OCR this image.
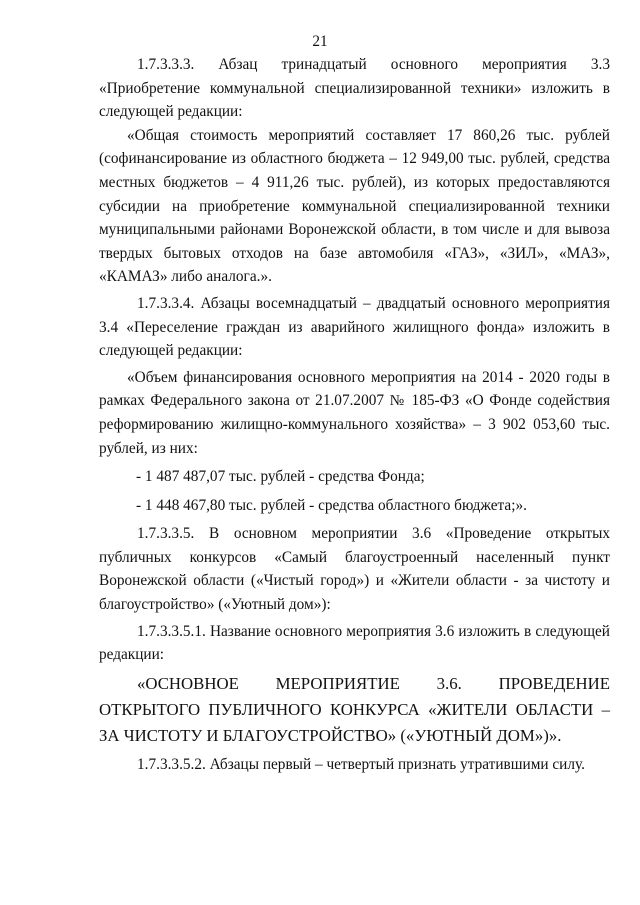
21

1.7.3.3.3. Абзац тринадцатый основного мероприятия 3.3 «Приобретение коммунальной специализированной техники» изложить в следующей редакции:

«Общая стоимость мероприятий составляет 17 860,26 тыс. рублей (софинансирование из областного бюджета – 12 949,00 тыс. рублей, средства местных бюджетов – 4 911,26 тыс. рублей), из которых предоставляются субсидии на приобретение коммунальной специализированной техники муниципальными районами Воронежской области, в том числе и для вывоза твердых бытовых отходов на базе автомобиля «ГАЗ», «ЗИЛ», «МАЗ», «КАМАЗ» либо аналога.».

1.7.3.3.4. Абзацы восемнадцатый – двадцатый основного мероприятия 3.4 «Переселение граждан из аварийного жилищного фонда» изложить в следующей редакции:

«Объем финансирования основного мероприятия на 2014 - 2020 годы в рамках Федерального закона от 21.07.2007 № 185-ФЗ «О Фонде содействия реформированию жилищно-коммунального хозяйства» – 3 902 053,60 тыс. рублей, из них:

- 1 487 487,07 тыс. рублей - средства Фонда;

- 1 448 467,80 тыс. рублей - средства областного бюджета;».

1.7.3.3.5. В основном мероприятии 3.6 «Проведение открытых публичных конкурсов «Самый благоустроенный населенный пункт Воронежской области («Чистый город») и «Жители области - за чистоту и благоустройство» («Уютный дом»):

1.7.3.3.5.1. Название основного мероприятия 3.6 изложить в следующей редакции:

«ОСНОВНОЕ МЕРОПРИЯТИЕ 3.6. ПРОВЕДЕНИЕ ОТКРЫТОГО ПУБЛИЧНОГО КОНКУРСА «ЖИТЕЛИ ОБЛАСТИ – ЗА ЧИСТОТУ И БЛАГОУСТРОЙСТВО» («УЮТНЫЙ ДОМ»)».

1.7.3.3.5.2. Абзацы первый – четвертый признать утратившими силу.
